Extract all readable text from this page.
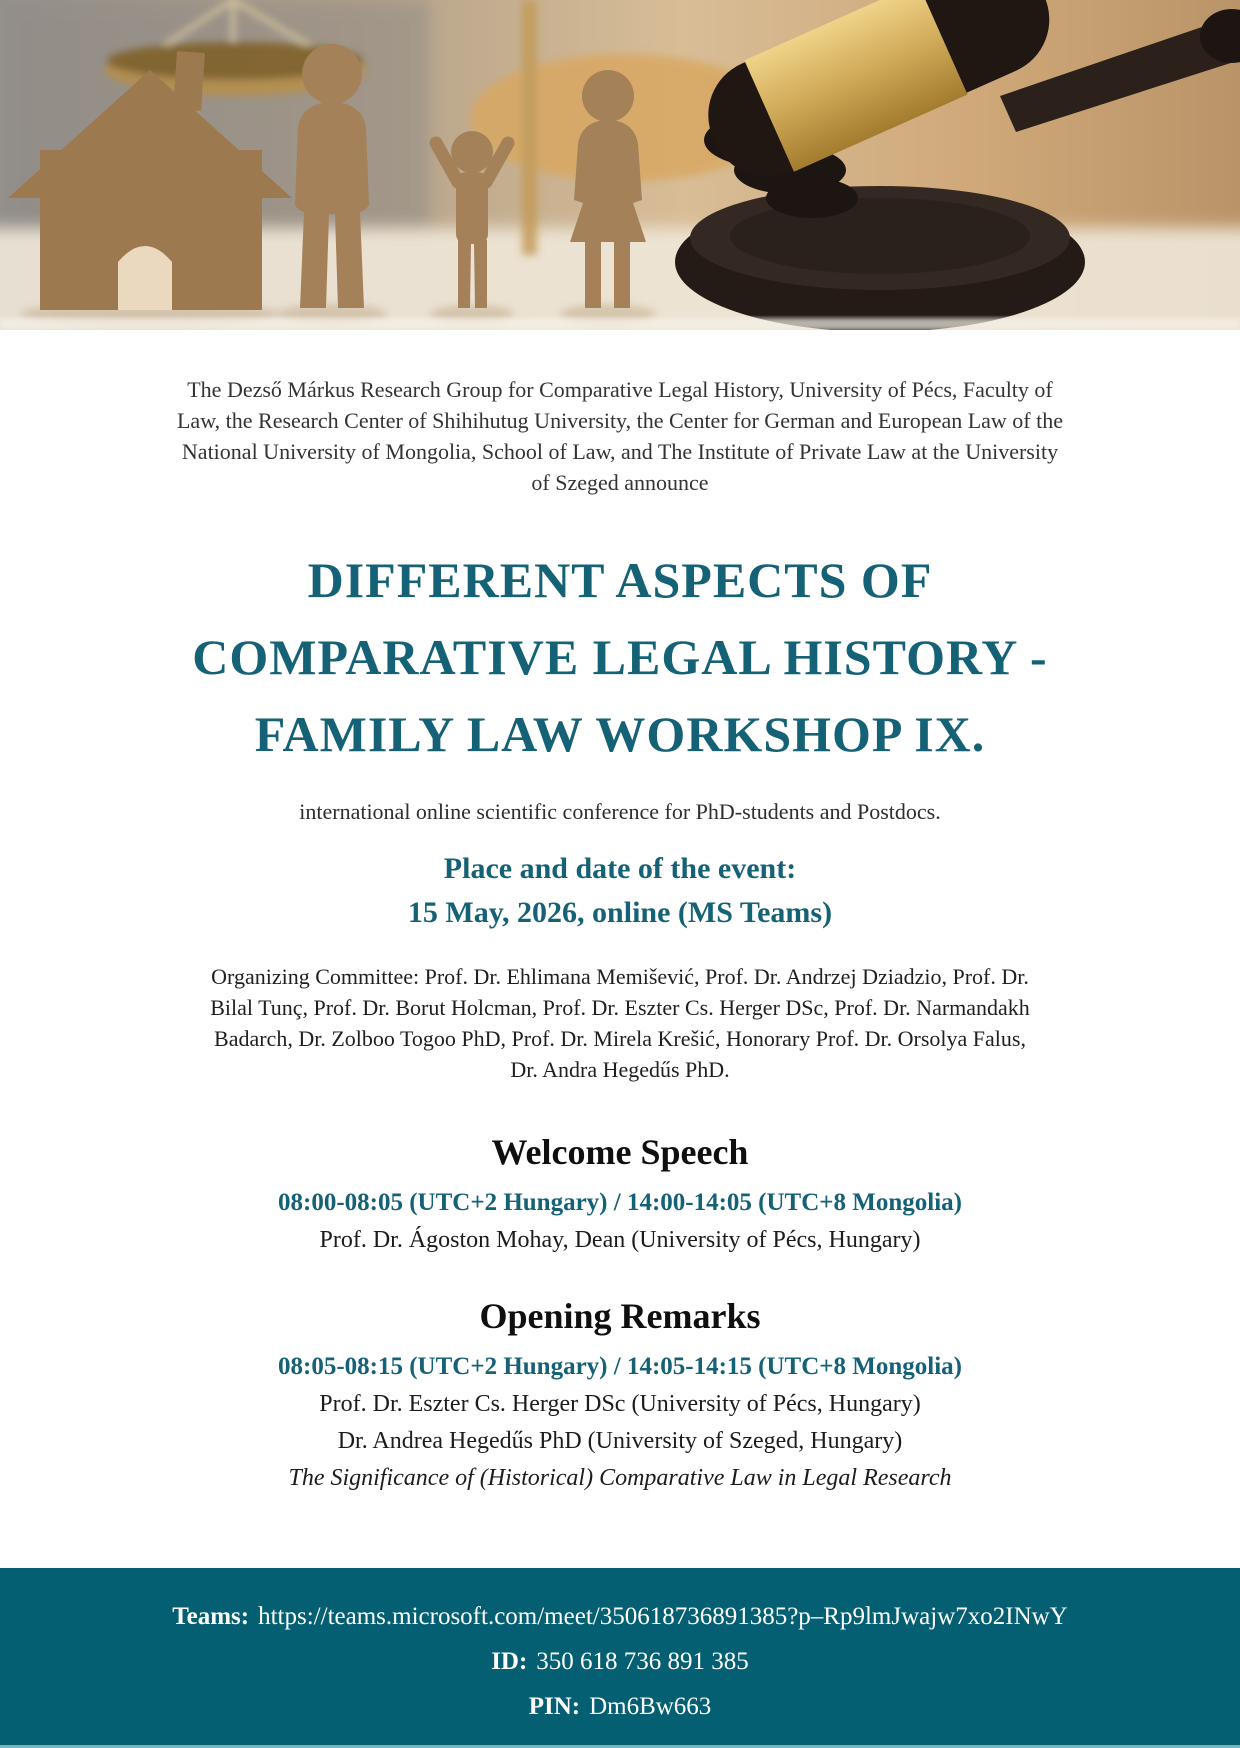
The Dezső Márkus Research Group for Comparative Legal History, University of Pécs, Faculty of
Law, the Research Center of Shihihutug University, the Center for German and European Law of the
National University of Mongolia, School of Law, and The Institute of Private Law at the University
of Szeged announce

DIFFERENT ASPECTS OF
COMPARATIVE LEGAL HISTORY -
FAMILY LAW WORKSHOP IX.

international online scientific conference for PhD-students and Postdocs.

Place and date of the event:
15 May, 2026, online (MS Teams)

Organizing Committee: Prof. Dr. Ehlimana Memišević, Prof. Dr. Andrzej Dziadzio, Prof. Dr.
Bilal Tunç, Prof. Dr. Borut Holcman, Prof. Dr. Eszter Cs. Herger DSc, Prof. Dr. Narmandakh
Badarch, Dr. Zolboo Togoo PhD, Prof. Dr. Mirela Krešić, Honorary Prof. Dr. Orsolya Falus,
Dr. Andra Hegedűs PhD.

Welcome Speech
08:00-08:05 (UTC+2 Hungary) / 14:00-14:05 (UTC+8 Mongolia)
Prof. Dr. Ágoston Mohay, Dean (University of Pécs, Hungary)
Opening Remarks
08:05-08:15 (UTC+2 Hungary) / 14:05-14:15 (UTC+8 Mongolia)
Prof. Dr. Eszter Cs. Herger DSc (University of Pécs, Hungary)
Dr. Andrea Hegedűs PhD (University of Szeged, Hungary)
The Significance of (Historical) Comparative Law in Legal Research
Teams: https://teams.microsoft.com/meet/350618736891385?p–Rp9lmJwajw7xo2INwY
ID: 350 618 736 891 385
PIN: Dm6Bw663
